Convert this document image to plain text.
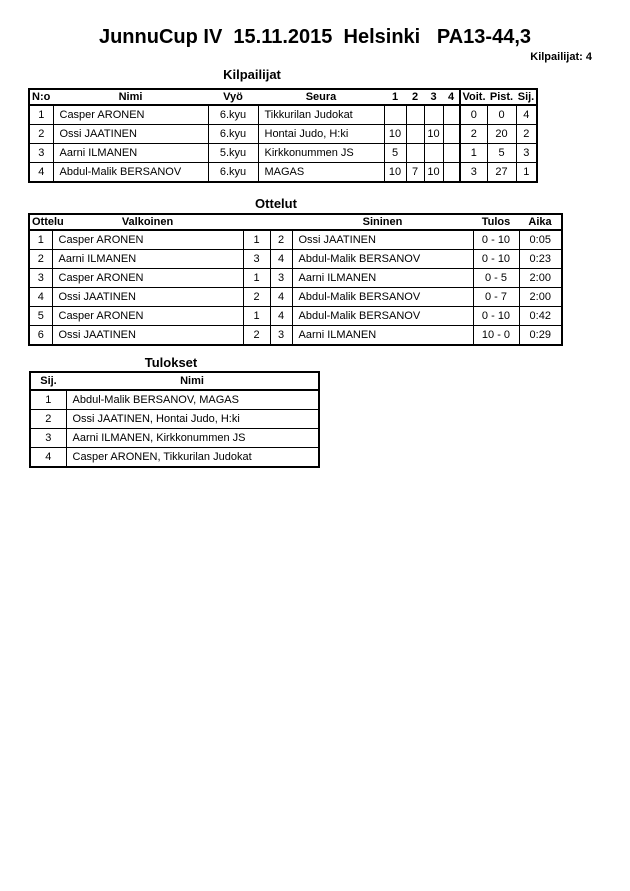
JunnuCup IV  15.11.2015  Helsinki   PA13-44,3
Kilpailijat: 4
Kilpailijat
N:o	Nimi	Vyö	Seura	1	2	3	4	Voit.	Pist.	Sij.
1	Casper ARONEN	6.kyu	Tikkurilan Judokat					0	0	4
2	Ossi JAATINEN	6.kyu	Hontai Judo, H:ki	10		10		2	20	2
3	Aarni ILMANEN	5.kyu	Kirkkonummen JS	5				1	5	3
4	Abdul-Malik BERSANOV	6.kyu	MAGAS	10	7	10		3	27	1
Ottelut
Ottelu	Valkoinen			Sininen	Tulos	Aika
1	Casper ARONEN	1	2	Ossi JAATINEN	0 - 10	0:05
2	Aarni ILMANEN	3	4	Abdul-Malik BERSANOV	0 - 10	0:23
3	Casper ARONEN	1	3	Aarni ILMANEN	0 - 5	2:00
4	Ossi JAATINEN	2	4	Abdul-Malik BERSANOV	0 - 7	2:00
5	Casper ARONEN	1	4	Abdul-Malik BERSANOV	0 - 10	0:42
6	Ossi JAATINEN	2	3	Aarni ILMANEN	10 - 0	0:29
Tulokset
Sij.	Nimi
1	Abdul-Malik BERSANOV, MAGAS
2	Ossi JAATINEN, Hontai Judo, H:ki
3	Aarni ILMANEN, Kirkkonummen JS
4	Casper ARONEN, Tikkurilan Judokat
